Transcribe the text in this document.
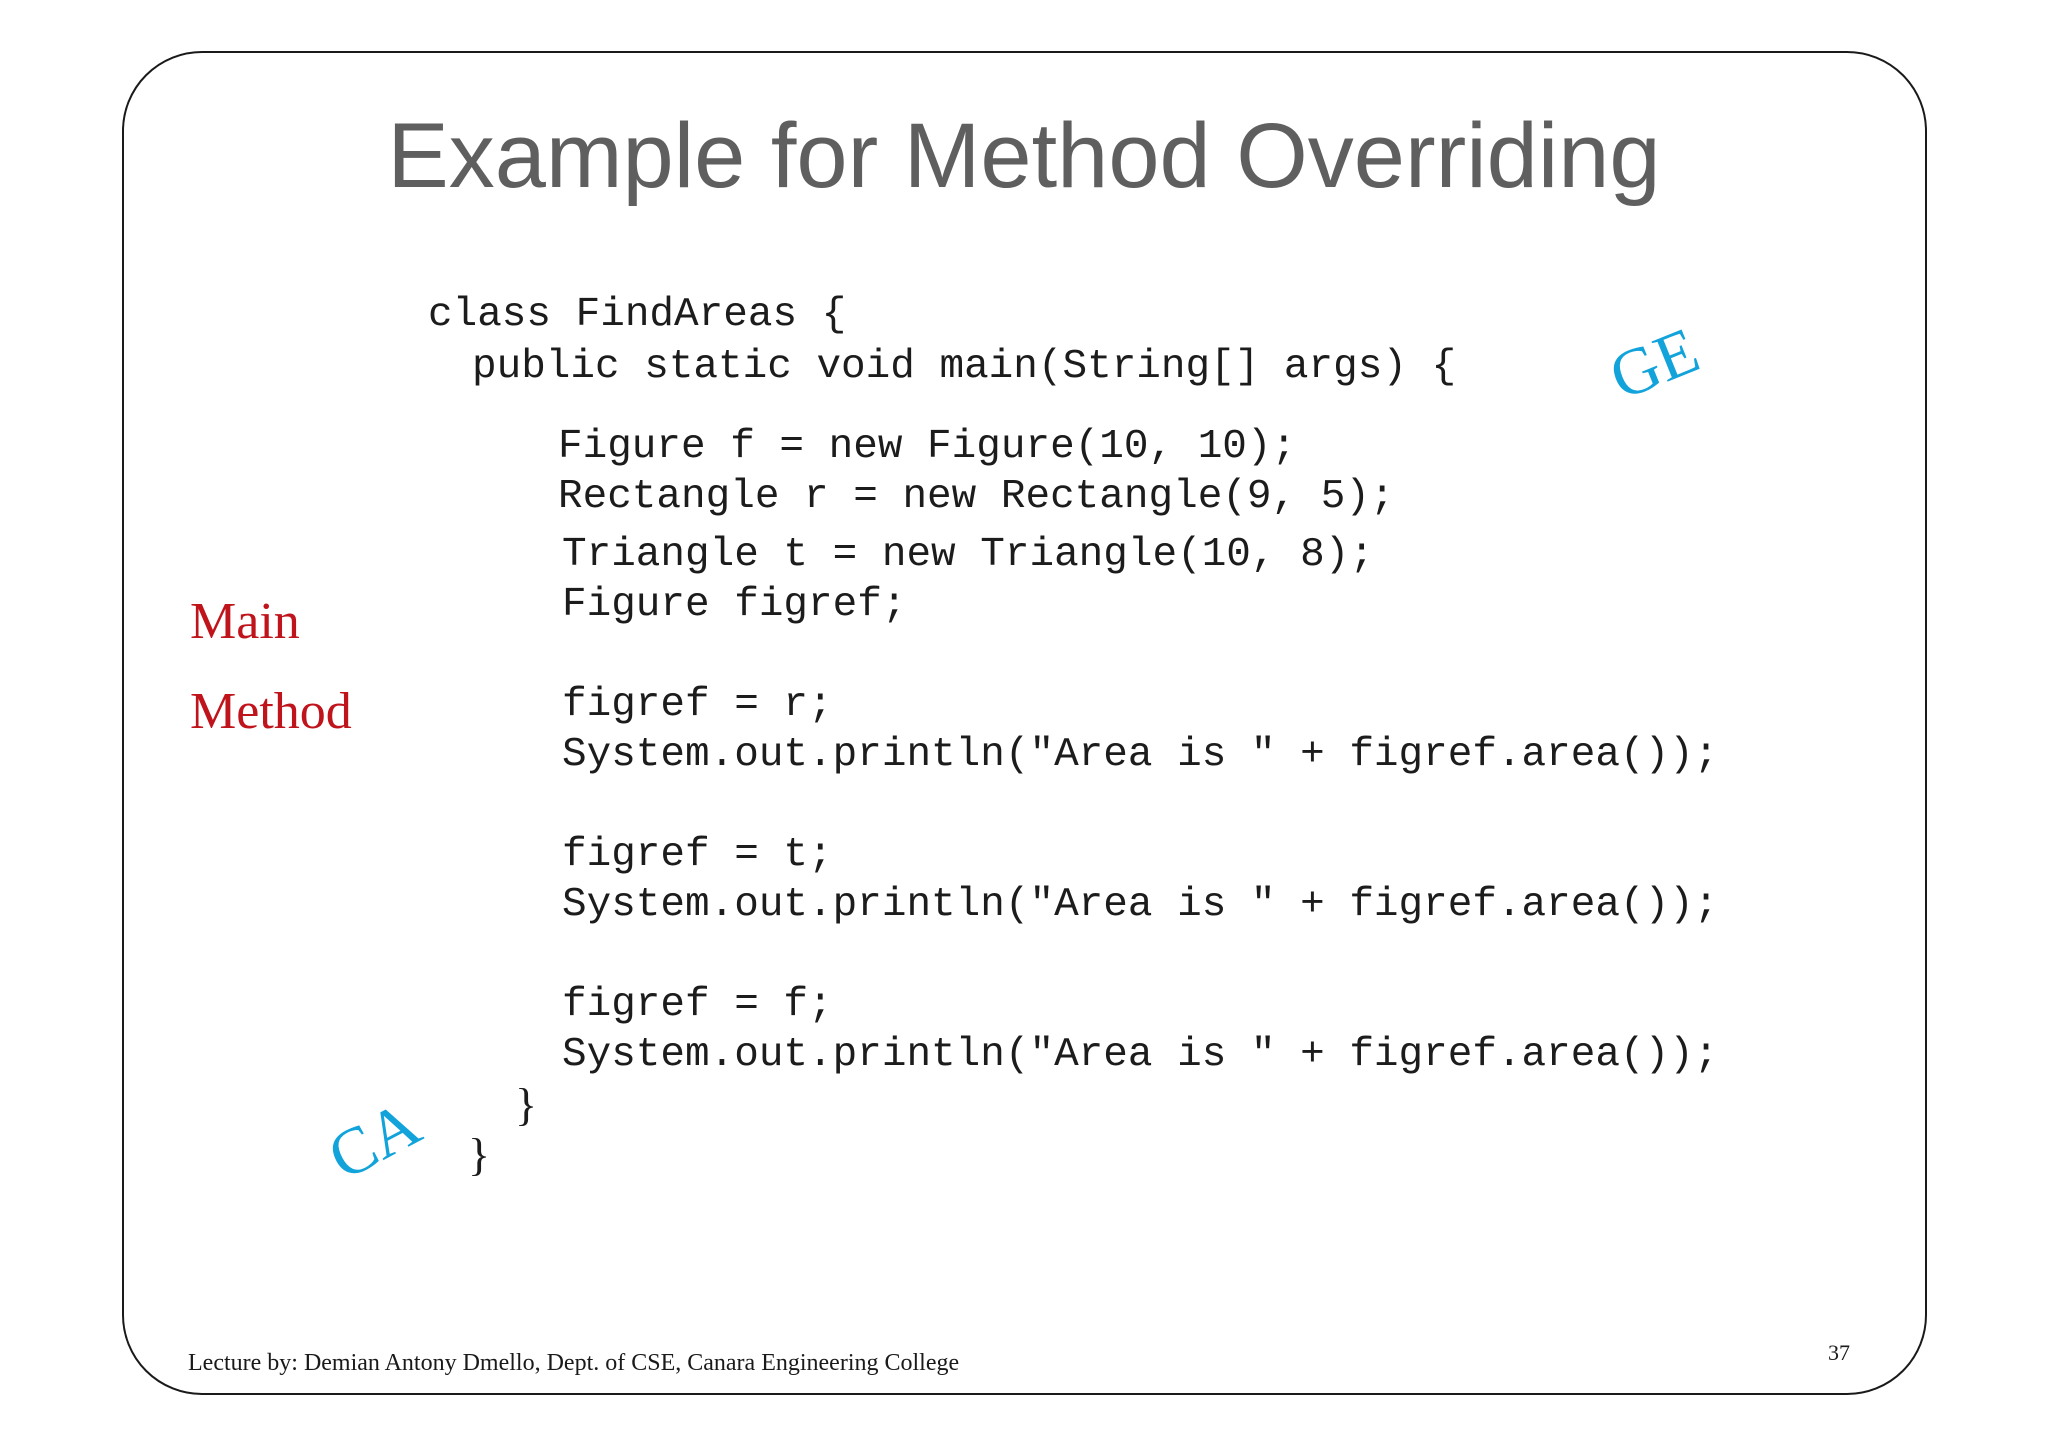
Example for Method Overriding
Main
Method
class FindAreas {
public static void main(String[] args) {
Figure f = new Figure(10, 10);
Rectangle r = new Rectangle(9, 5);
Triangle t = new Triangle(10, 8);
Figure figref;
figref = r;
System.out.println("Area is " + figref.area());
figref = t;
System.out.println("Area is " + figref.area());
figref = f;
System.out.println("Area is " + figref.area());
}
}
GE
CA
Lecture by: Demian Antony Dmello, Dept. of CSE, Canara Engineering College	37
